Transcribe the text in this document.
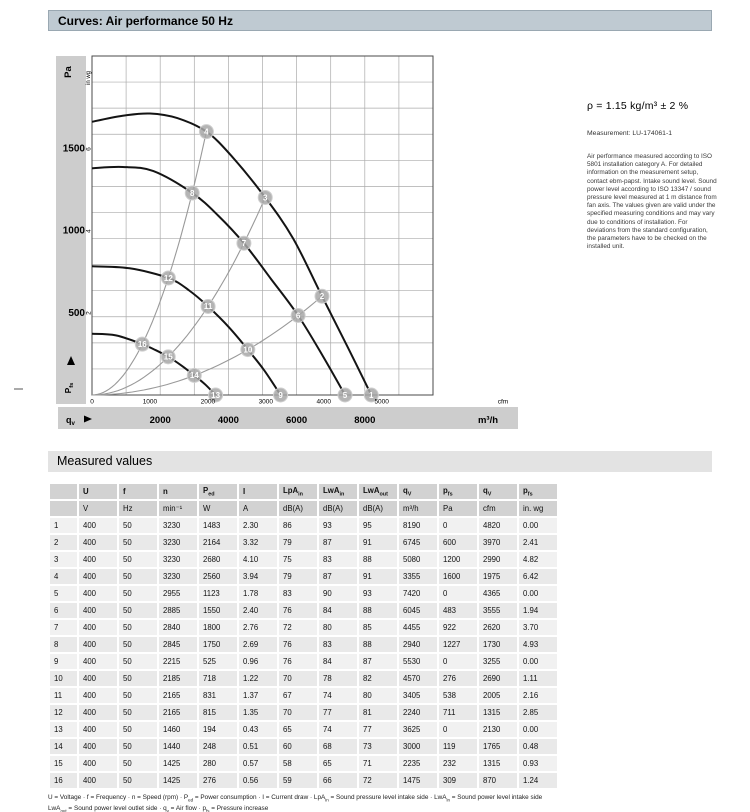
Curves: Air performance 50 Hz
1
2
3
4
5
6
7
8
9
10
11
12
13
14
15
16
Pa in wg
500
1000
1500
2
4
6
$P_{fs}$
0	1000	2000	3000	4000	5000	cfm
2000	4000	6000	8000	m³/h
$q_v$
ρ = 1.15 kg/m³ ± 2 %
Measurement: LU-174061-1
Air performance measured according to ISO 5801 installation category A. For detailed information on the measurement setup, contact ebm-papst. Intake sound level. Sound power level according to ISO 13347 / sound pressure level measured at 1 m distance from fan axis. The values given are valid under the specified measuring conditions and may vary due to conditions of installation. For deviations from the standard configuration, the parameters have to be checked on the installed unit.
Measured values
	U	f	n	$P_{ed}$	I	LpA$_{in}$	LwA$_{in}$	LwA$_{out}$	$q_V$	$p_{fs}$	$q_V$	$p_{fs}$
	V	Hz	min⁻¹	W	A	dB(A)	dB(A)	dB(A)	m³/h	Pa	cfm	in. wg
1	400	50	3230	1483	2.30	86	93	95	8190	0	4820	0.00
2	400	50	3230	2164	3.32	79	87	91	6745	600	3970	2.41
3	400	50	3230	2680	4.10	75	83	88	5080	1200	2990	4.82
4	400	50	3230	2560	3.94	79	87	91	3355	1600	1975	6.42
5	400	50	2955	1123	1.78	83	90	93	7420	0	4365	0.00
6	400	50	2885	1550	2.40	76	84	88	6045	483	3555	1.94
7	400	50	2840	1800	2.76	72	80	85	4455	922	2620	3.70
8	400	50	2845	1750	2.69	76	83	88	2940	1227	1730	4.93
9	400	50	2215	525	0.96	76	84	87	5530	0	3255	0.00
10	400	50	2185	718	1.22	70	78	82	4570	276	2690	1.11
11	400	50	2165	831	1.37	67	74	80	3405	538	2005	2.16
12	400	50	2165	815	1.35	70	77	81	2240	711	1315	2.85
13	400	50	1460	194	0.43	65	74	77	3625	0	2130	0.00
14	400	50	1440	248	0.51	60	68	73	3000	119	1765	0.48
15	400	50	1425	280	0.57	58	65	71	2235	232	1315	0.93
16	400	50	1425	276	0.56	59	66	72	1475	309	870	1.24
U = Voltage · f = Frequency · n = Speed $(rpm) \cdot P_{ed}$ = Power consumption · I = Current draw · LpA$_{in}$ = Sound pressure level intake side · LwA$_{in}$ = Sound power level intake side
LwA$_{out}$ = Sound power level outlet side · $q_v$ = Air flow · $p_{fs}$ = Pressure increase
